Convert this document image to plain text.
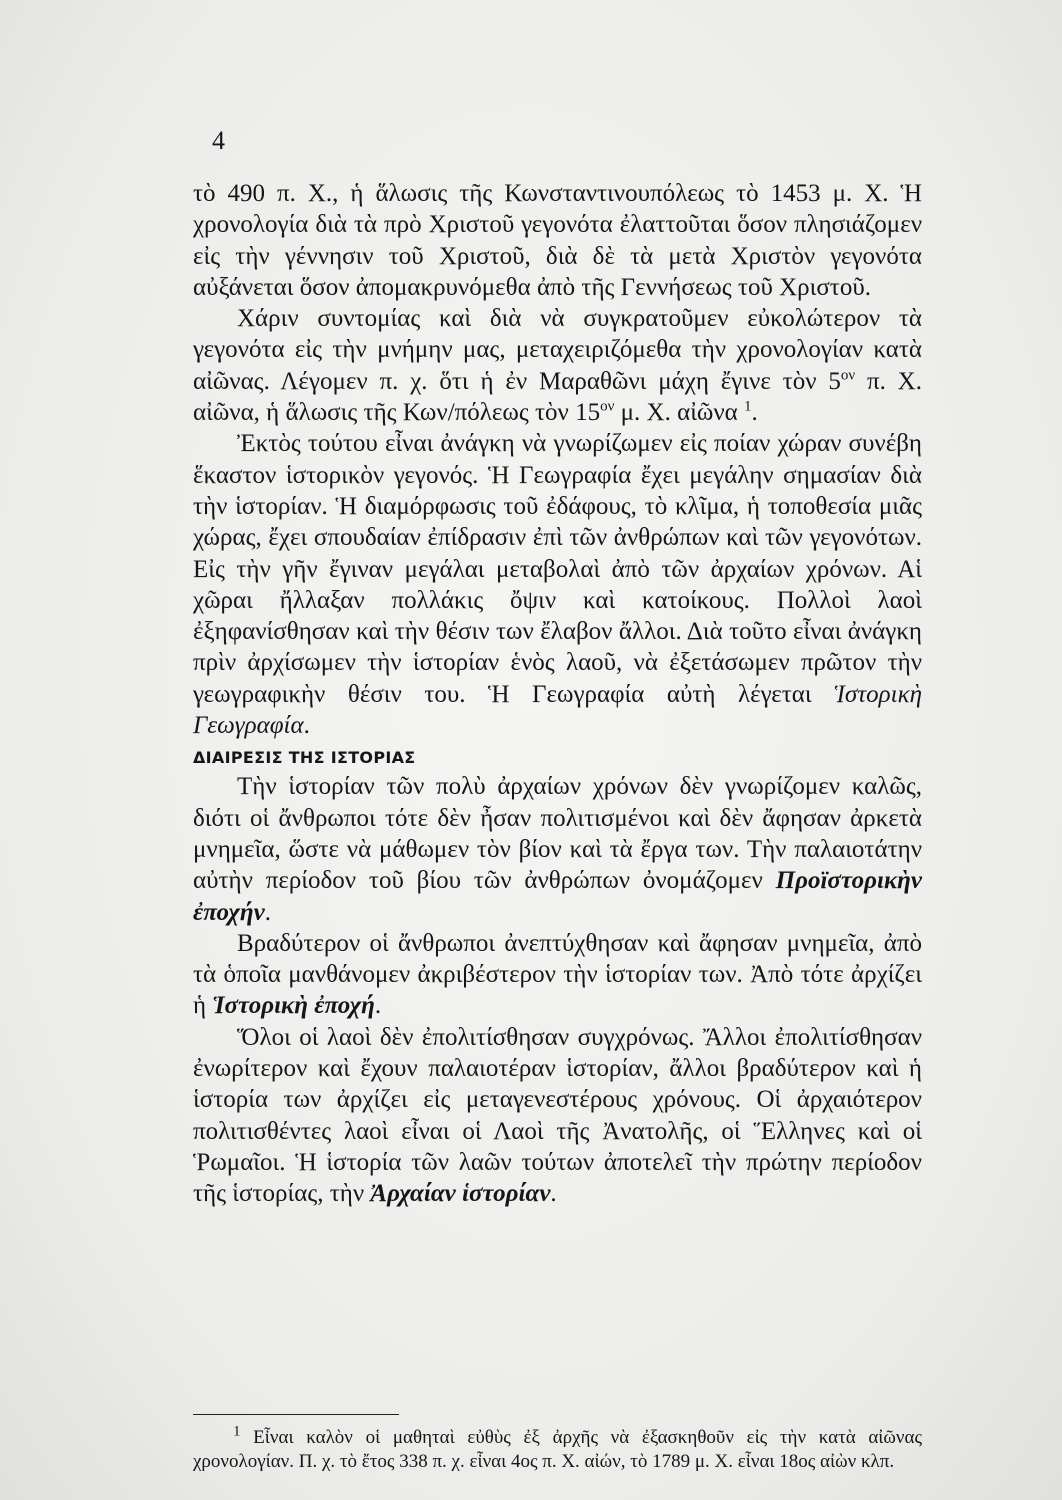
4

τὸ 490 π. Χ., ἡ ἅλωσις τῆς Κωνσταντινουπόλεως τὸ 1453 μ. Χ. Ἡ χρονολογία διὰ τὰ πρὸ Χριστοῦ γεγονότα ἐλαττοῦται ὅσον πλησιάζομεν εἰς τὴν γέννησιν τοῦ Χριστοῦ, διὰ δὲ τὰ μετὰ Χριστὸν γεγονότα αὐξάνεται ὅσον ἀπομακρυνόμεθα ἀπὸ τῆς Γεννήσεως τοῦ Χριστοῦ.

Χάριν συντομίας καὶ διὰ νὰ συγκρατοῦμεν εὐκολώτερον τὰ γεγονότα εἰς τὴν μνήμην μας, μεταχειριζόμεθα τὴν χρονολογίαν κατὰ αἰῶνας. Λέγομεν π. χ. ὅτι ἡ ἐν Μαραθῶνι μάχη ἔγινε τὸν $5^{o\nu}$ π. Χ. αἰῶνα, ἡ ἅλωσις τῆς Κων/πόλεως τὸν $15^{o\nu}$ μ. Χ. αἰῶνα $^1$.

Ἐκτὸς τούτου εἶναι ἀνάγκη νὰ γνωρίζωμεν εἰς ποίαν χώραν συνέβη ἕκαστον ἱστορικὸν γεγονός. Ἡ Γεωγραφία ἔχει μεγάλην σημασίαν διὰ τὴν ἱστορίαν. Ἡ διαμόρφωσις τοῦ ἐδάφους, τὸ κλῖμα, ἡ τοποθεσία μιᾶς χώρας, ἔχει σπουδαίαν ἐπίδρασιν ἐπὶ τῶν ἀνθρώπων καὶ τῶν γεγονότων. Εἰς τὴν γῆν ἔγιναν μεγάλαι μεταβολαὶ ἀπὸ τῶν ἀρχαίων χρόνων. Αἱ χῶραι ἤλλαξαν πολλάκις ὄψιν καὶ κατοίκους. Πολλοὶ λαοὶ ἐξηφανίσθησαν καὶ τὴν θέσιν των ἔλαβον ἄλλοι. Διὰ τοῦτο εἶναι ἀνάγκη πρὶν ἀρχίσωμεν τὴν ἱστορίαν ἑνὸς λαοῦ, νὰ ἐξετάσωμεν πρῶτον τὴν γεωγραφικὴν θέσιν του. Ἡ Γεωγραφία αὐτὴ λέγεται Ἱστορικὴ Γεωγραφία.

ΔΙΑΙΡΕΣΙΣ ΤΗΣ ΙΣΤΟΡΙΑΣ

Τὴν ἱστορίαν τῶν πολὺ ἀρχαίων χρόνων δὲν γνωρίζομεν καλῶς, διότι οἱ ἄνθρωποι τότε δὲν ἦσαν πολιτισμένοι καὶ δὲν ἄφησαν ἀρκετὰ μνημεῖα, ὥστε νὰ μάθωμεν τὸν βίον καὶ τὰ ἔργα των. Τὴν παλαιοτάτην αὐτὴν περίοδον τοῦ βίου τῶν ἀνθρώπων ὀνομάζομεν Προϊστορικὴν ἐποχήν.

Βραδύτερον οἱ ἄνθρωποι ἀνεπτύχθησαν καὶ ἄφησαν μνημεῖα, ἀπὸ τὰ ὁποῖα μανθάνομεν ἀκριβέστερον τὴν ἱστορίαν των. Ἀπὸ τότε ἀρχίζει ἡ Ἱστορικὴ ἐποχή.

Ὅλοι οἱ λαοὶ δὲν ἐπολιτίσθησαν συγχρόνως. Ἄλλοι ἐπολιτίσθησαν ἐνωρίτερον καὶ ἔχουν παλαιοτέραν ἱστορίαν, ἄλλοι βραδύτερον καὶ ἡ ἱστορία των ἀρχίζει εἰς μεταγενεστέρους χρόνους. Οἱ ἀρχαιότερον πολιτισθέντες λαοὶ εἶναι οἱ Λαοὶ τῆς Ἀνατολῆς, οἱ Ἕλληνες καὶ οἱ Ῥωμαῖοι. Ἡ ἱστορία τῶν λαῶν τούτων ἀποτελεῖ τὴν πρώτην περίοδον τῆς ἱστορίας, τὴν Ἀρχαίαν ἱστορίαν.

$^1$ Εἶναι καλὸν οἱ μαθηταὶ εὐθὺς ἐξ ἀρχῆς νὰ ἐξασκηθοῦν εἰς τὴν κατὰ αἰῶνας χρονολογίαν. Π. χ. τὸ ἔτος 338 π. χ. εἶναι 4ος π. Χ. αἰών, τὸ 1789 μ. Χ. εἶναι 18ος αἰὼν κλπ.
